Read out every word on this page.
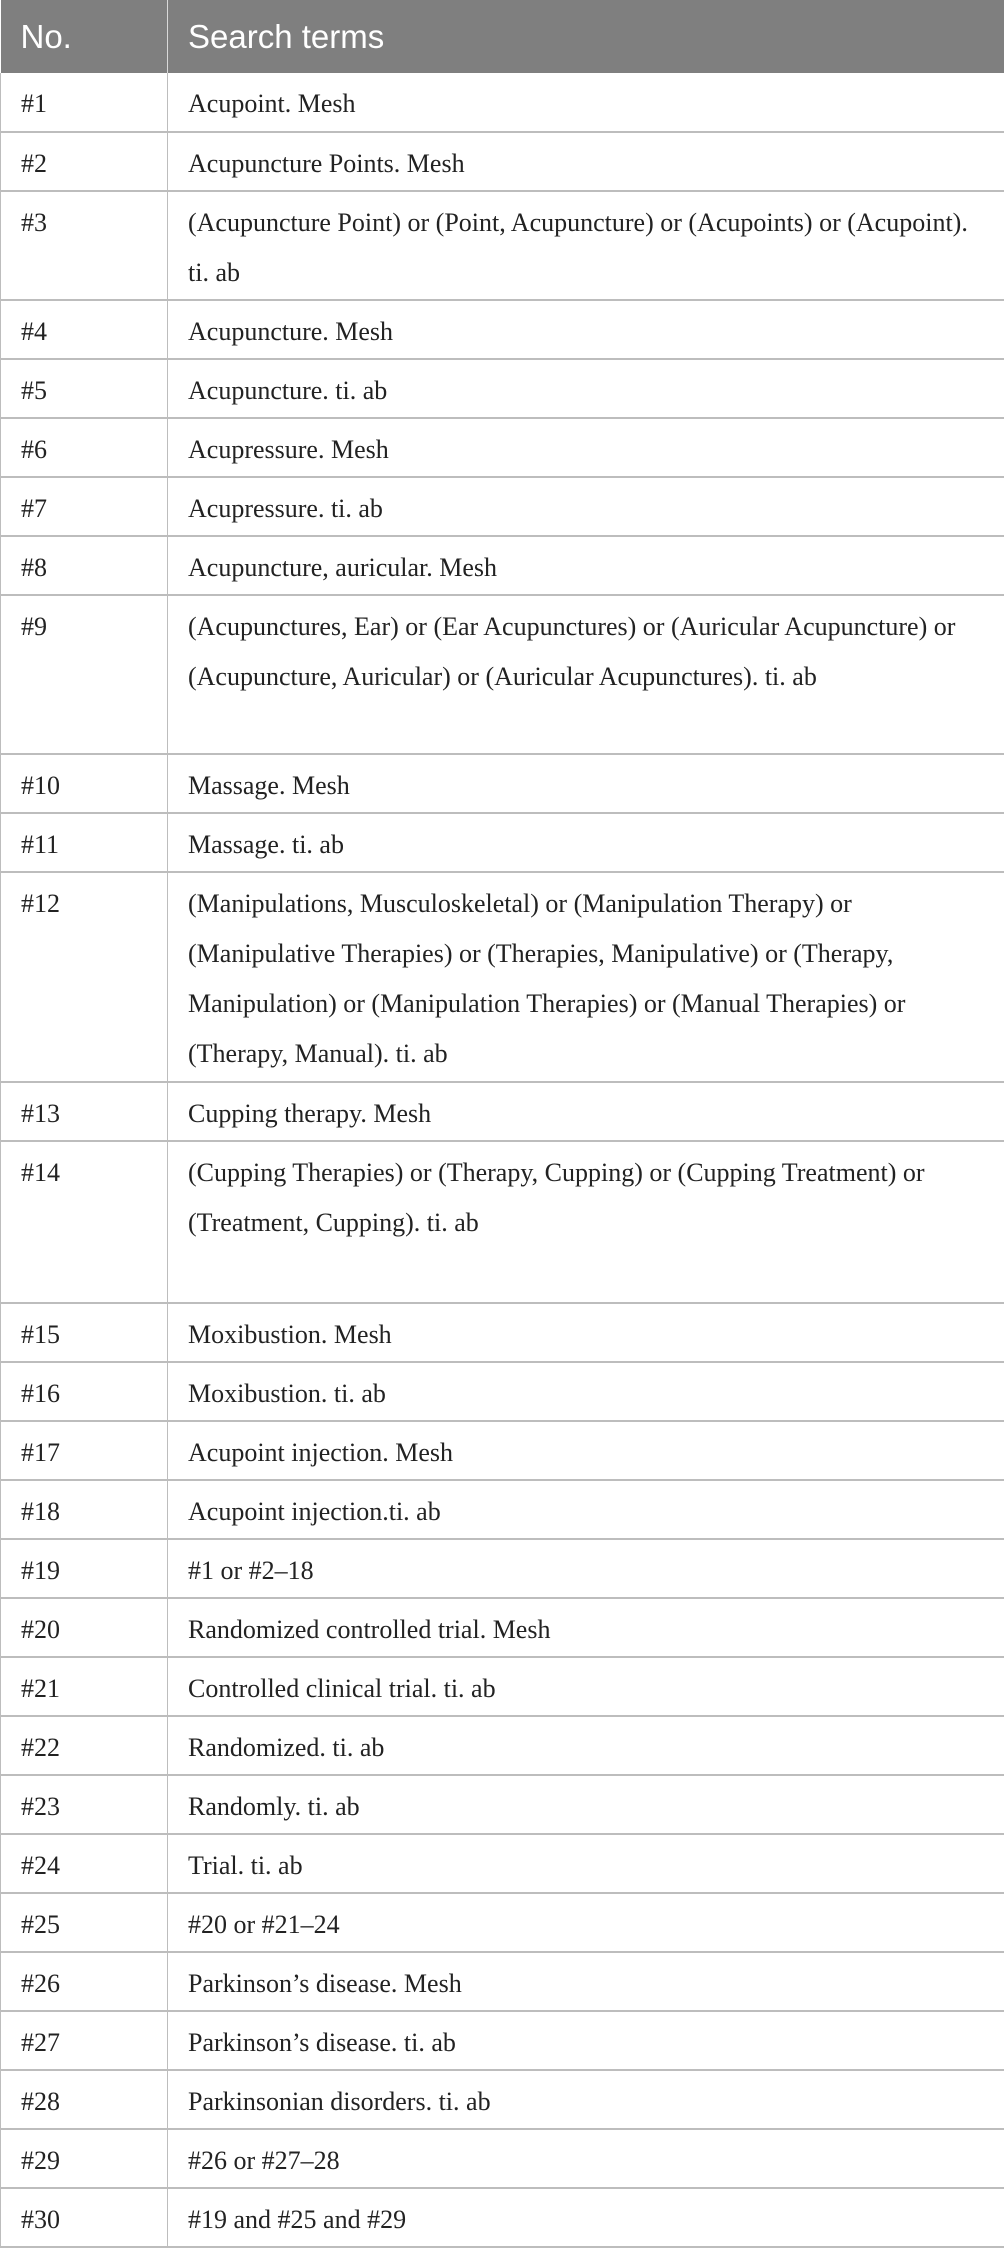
No.	Search terms
#1	Acupoint. Mesh
#2	Acupuncture Points. Mesh
#3	(Acupuncture Point) or (Point, Acupuncture) or (Acupoints) or (Acupoint). ti. ab
#4	Acupuncture. Mesh
#5	Acupuncture. ti. ab
#6	Acupressure. Mesh
#7	Acupressure. ti. ab
#8	Acupuncture, auricular. Mesh
#9	(Acupunctures, Ear) or (Ear Acupunctures) or (Auricular Acupuncture) or (Acupuncture, Auricular) or (Auricular Acupunctures). ti. ab
#10	Massage. Mesh
#11	Massage. ti. ab
#12	(Manipulations, Musculoskeletal) or (Manipulation Therapy) or (Manipulative Therapies) or (Therapies, Manipulative) or (Therapy, Manipulation) or (Manipulation Therapies) or (Manual Therapies) or (Therapy, Manual). ti. ab
#13	Cupping therapy. Mesh
#14	(Cupping Therapies) or (Therapy, Cupping) or (Cupping Treatment) or (Treatment, Cupping). ti. ab
#15	Moxibustion. Mesh
#16	Moxibustion. ti. ab
#17	Acupoint injection. Mesh
#18	Acupoint injection.ti. ab
#19	#1 or #2–18
#20	Randomized controlled trial. Mesh
#21	Controlled clinical trial. ti. ab
#22	Randomized. ti. ab
#23	Randomly. ti. ab
#24	Trial. ti. ab
#25	#20 or #21–24
#26	Parkinson’s disease. Mesh
#27	Parkinson’s disease. ti. ab
#28	Parkinsonian disorders. ti. ab
#29	#26 or #27–28
#30	#19 and #25 and #29
